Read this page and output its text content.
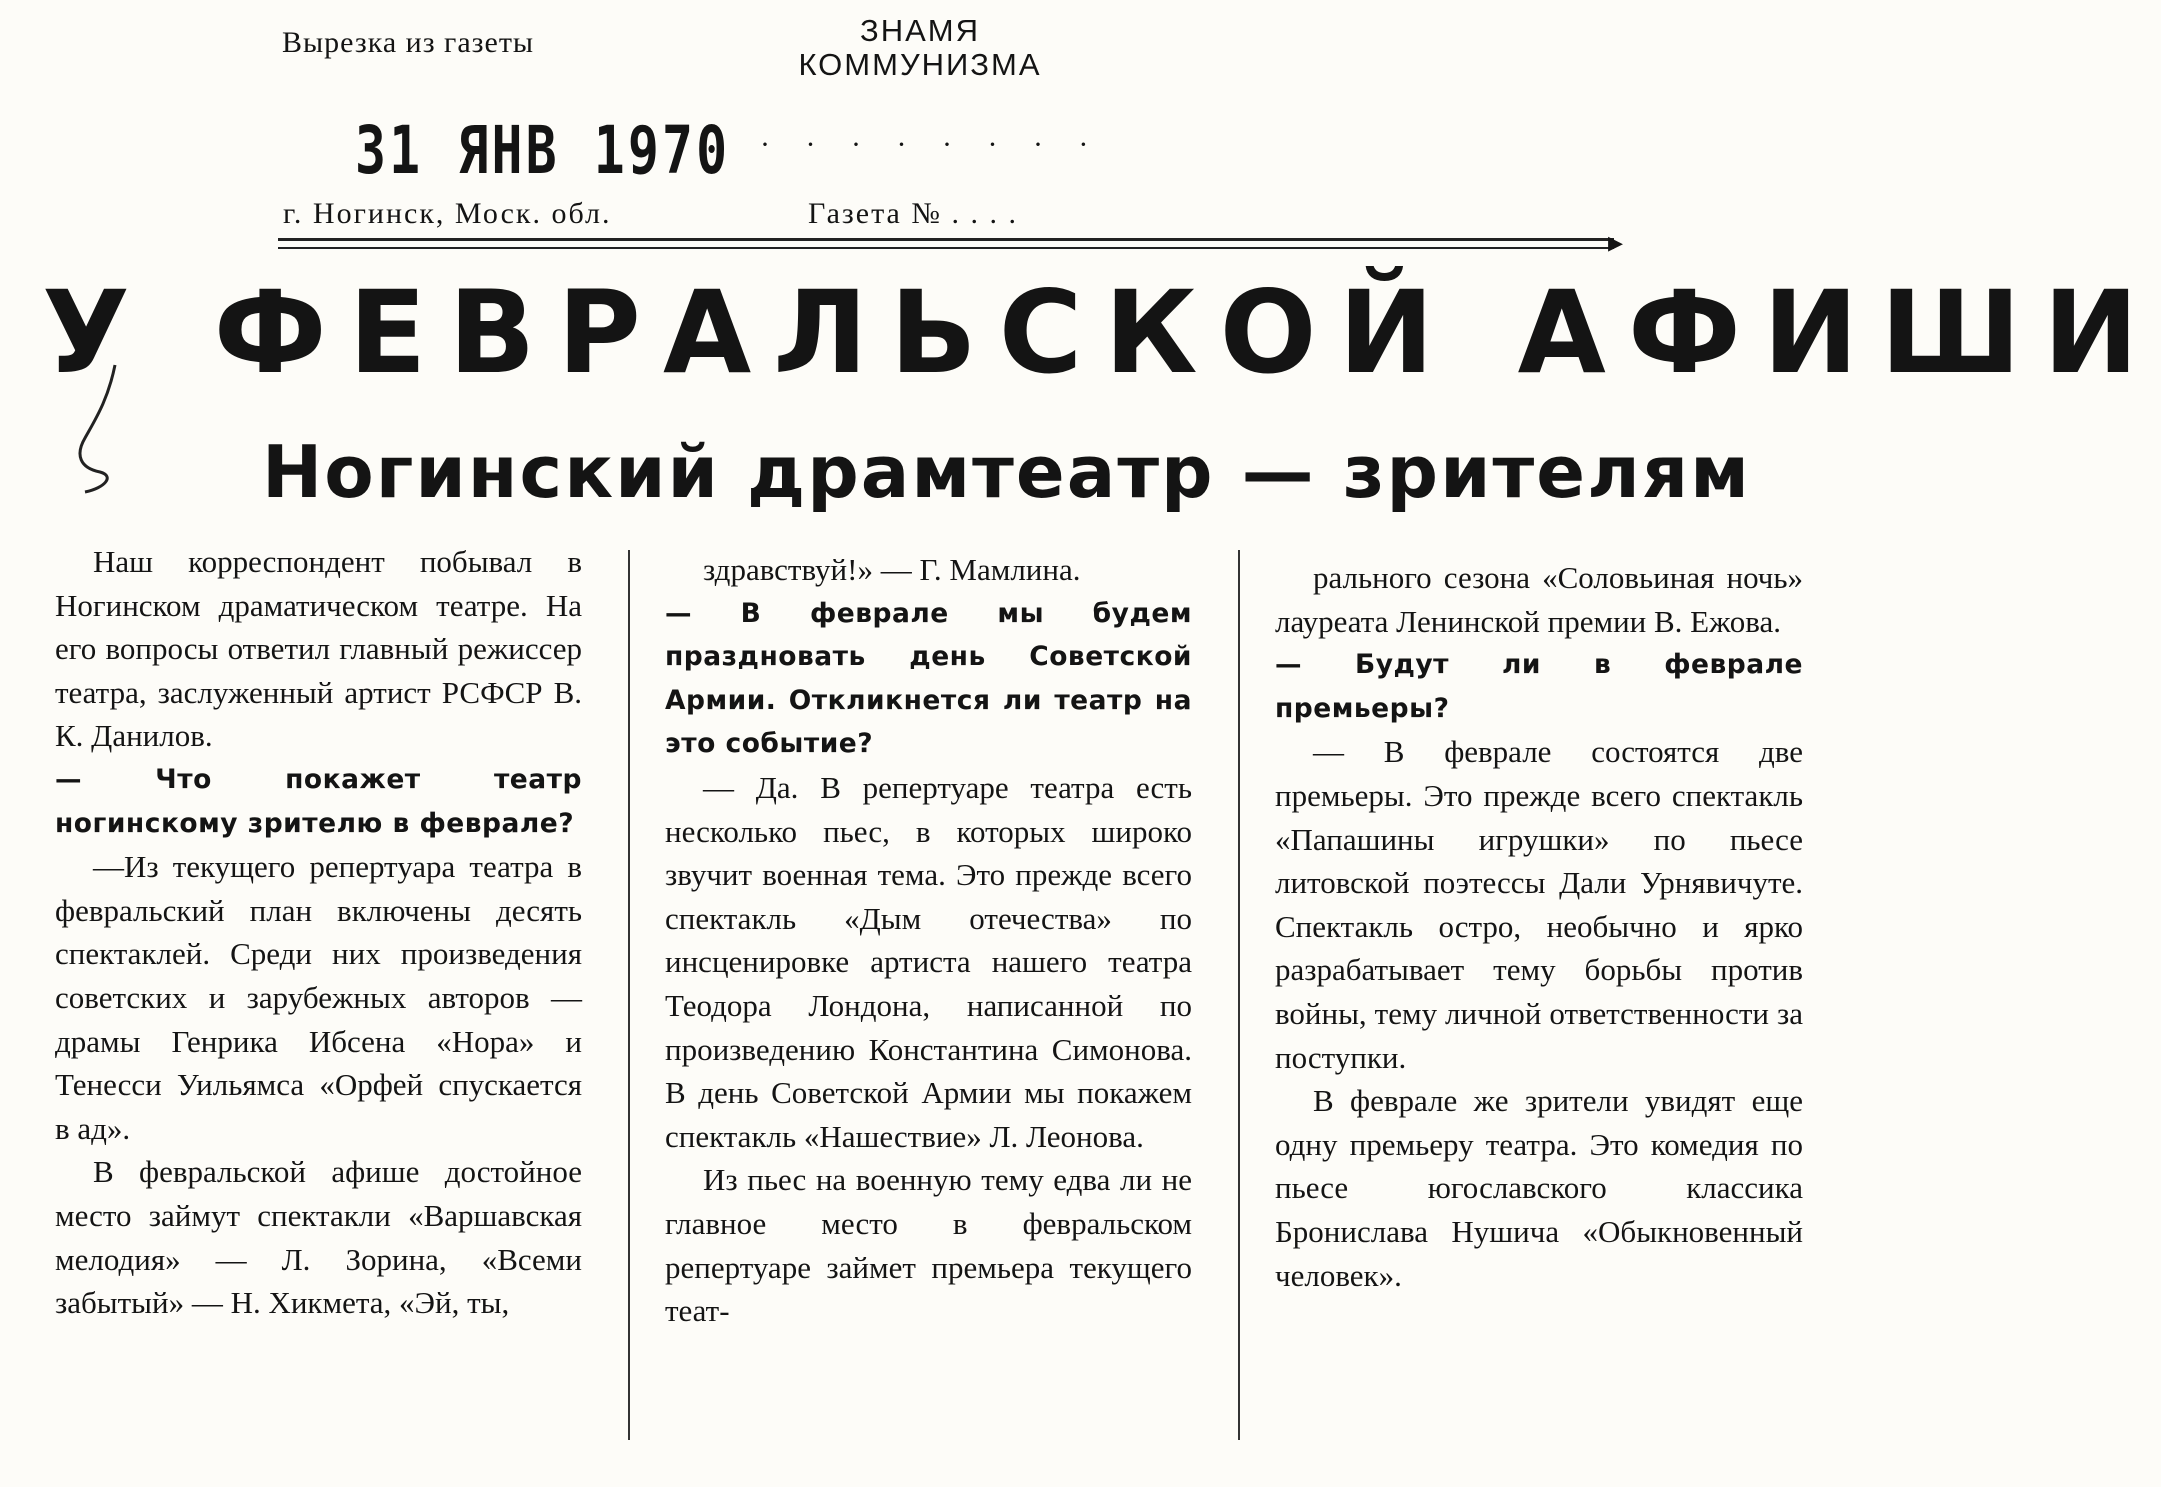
Вырезка из газеты	ЗНАМЯ
КОММУНИЗМА
31 ЯНВ 1970 · · · · · · · ·
г. Ногинск, Моск. обл.	Газета № . . . .
▸
У ФЕВРАЛЬСКОЙ АФИШИ
Ногинский драмтеатр — зрителям

Наш корреспондент побывал в Ногинском драматическом театре. На его вопросы ответил главный режиссер театра, заслуженный артист РСФСР В. К. Данилов.

— Что покажет театр ногинскому зрителю в феврале?

—Из текущего репертуара театра в февральский план включены десять спектаклей. Среди них произведения советских и зарубежных авторов — драмы Генрика Ибсена «Нора» и Тенесси Уильямса «Орфей спускается в ад».

В февральской афише достойное место займут спектакли «Варшавская мелодия» — Л. Зорина, «Всеми забытый» — Н. Хикмета, «Эй, ты,

здравствуй!» — Г. Мамлина.

— В феврале мы будем праздновать день Советской Армии. Откликнется ли театр на это событие?

— Да. В репертуаре театра есть несколько пьес, в которых широко звучит военная тема. Это прежде всего спектакль «Дым отечества» по инсценировке артиста нашего театра Теодора Лондона, написанной по произведению Константина Симонова. В день Советской Армии мы покажем спектакль «Нашествие» Л. Леонова.

Из пьес на военную тему едва ли не главное место в февральском репертуаре займет премьера текущего теат-

рального сезона «Соловьиная ночь» лауреата Ленинской премии В. Ежова.

— Будут ли в феврале премьеры?

— В феврале состоятся две премьеры. Это прежде всего спектакль «Папашины игрушки» по пьесе литовской поэтессы Дали Урнявичуте. Спектакль остро, необычно и ярко разрабатывает тему борьбы против войны, тему личной ответственности за поступки.

В феврале же зрители увидят еще одну премьеру театра. Это комедия по пьесе югославского классика Бронислава Нушича «Обыкновенный человек».
